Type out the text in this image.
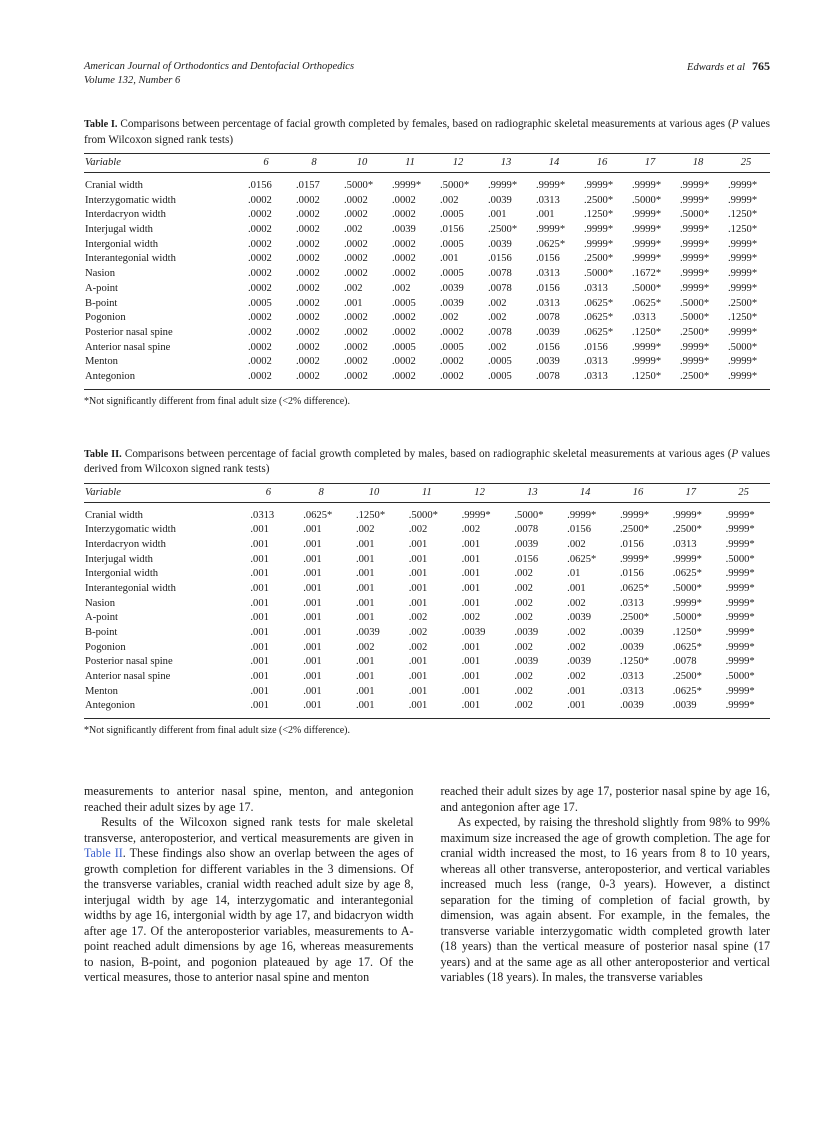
American Journal of Orthodontics and Dentofacial Orthopedics
Volume 132, Number 6
Edwards et al 765
Table I. Comparisons between percentage of facial growth completed by females, based on radiographic skeletal measurements at various ages (P values from Wilcoxon signed rank tests)
Variable	6	8	10	11	12	13	14	16	17	18	25
Cranial width	.0156	.0157	.5000*	.9999*	.5000*	.9999*	.9999*	.9999*	.9999*	.9999*	.9999*
Interzygomatic width	.0002	.0002	.0002	.0002	.002	.0039	.0313	.2500*	.5000*	.9999*	.9999*
Interdacryon width	.0002	.0002	.0002	.0002	.0005	.001	.001	.1250*	.9999*	.5000*	.1250*
Interjugal width	.0002	.0002	.002	.0039	.0156	.2500*	.9999*	.9999*	.9999*	.9999*	.1250*
Intergonial width	.0002	.0002	.0002	.0002	.0005	.0039	.0625*	.9999*	.9999*	.9999*	.9999*
Interantegonial width	.0002	.0002	.0002	.0002	.001	.0156	.0156	.2500*	.9999*	.9999*	.9999*
Nasion	.0002	.0002	.0002	.0002	.0005	.0078	.0313	.5000*	.1672*	.9999*	.9999*
A-point	.0002	.0002	.002	.002	.0039	.0078	.0156	.0313	.5000*	.9999*	.9999*
B-point	.0005	.0002	.001	.0005	.0039	.002	.0313	.0625*	.0625*	.5000*	.2500*
Pogonion	.0002	.0002	.0002	.0002	.002	.002	.0078	.0625*	.0313	.5000*	.1250*
Posterior nasal spine	.0002	.0002	.0002	.0002	.0002	.0078	.0039	.0625*	.1250*	.2500*	.9999*
Anterior nasal spine	.0002	.0002	.0002	.0005	.0005	.002	.0156	.0156	.9999*	.9999*	.5000*
Menton	.0002	.0002	.0002	.0002	.0002	.0005	.0039	.0313	.9999*	.9999*	.9999*
Antegonion	.0002	.0002	.0002	.0002	.0002	.0005	.0078	.0313	.1250*	.2500*	.9999*
*Not significantly different from final adult size (<2% difference).
Table II. Comparisons between percentage of facial growth completed by males, based on radiographic skeletal measurements at various ages (P values derived from Wilcoxon signed rank tests)
Variable	6	8	10	11	12	13	14	16	17	25
Cranial width	.0313	.0625*	.1250*	.5000*	.9999*	.5000*	.9999*	.9999*	.9999*	.9999*
Interzygomatic width	.001	.001	.002	.002	.002	.0078	.0156	.2500*	.2500*	.9999*
Interdacryon width	.001	.001	.001	.001	.001	.0039	.002	.0156	.0313	.9999*
Interjugal width	.001	.001	.001	.001	.001	.0156	.0625*	.9999*	.9999*	.5000*
Intergonial width	.001	.001	.001	.001	.001	.002	.01	.0156	.0625*	.9999*
Interantegonial width	.001	.001	.001	.001	.001	.002	.001	.0625*	.5000*	.9999*
Nasion	.001	.001	.001	.001	.001	.002	.002	.0313	.9999*	.9999*
A-point	.001	.001	.001	.002	.002	.002	.0039	.2500*	.5000*	.9999*
B-point	.001	.001	.0039	.002	.0039	.0039	.002	.0039	.1250*	.9999*
Pogonion	.001	.001	.002	.002	.001	.002	.002	.0039	.0625*	.9999*
Posterior nasal spine	.001	.001	.001	.001	.001	.0039	.0039	.1250*	.0078	.9999*
Anterior nasal spine	.001	.001	.001	.001	.001	.002	.002	.0313	.2500*	.5000*
Menton	.001	.001	.001	.001	.001	.002	.001	.0313	.0625*	.9999*
Antegonion	.001	.001	.001	.001	.001	.002	.001	.0039	.0039	.9999*
*Not significantly different from final adult size (<2% difference).

measurements to anterior nasal spine, menton, and antegonion reached their adult sizes by age 17.

Results of the Wilcoxon signed rank tests for male skeletal transverse, anteroposterior, and vertical measurements are given in Table II. These findings also show an overlap between the ages of growth completion for different variables in the 3 dimensions. Of the transverse variables, cranial width reached adult size by age 8, interjugal width by age 14, interzygomatic and interantegonial widths by age 16, intergonial width by age 17, and bidacryon width after age 17. Of the anteroposterior variables, measurements to A-point reached adult dimensions by age 16, whereas measurements to nasion, B-point, and pogonion plateaued by age 17. Of the vertical measures, those to anterior nasal spine and menton

reached their adult sizes by age 17, posterior nasal spine by age 16, and antegonion after age 17.

As expected, by raising the threshold slightly from 98% to 99% maximum size increased the age of growth completion. The age for cranial width increased the most, to 16 years from 8 to 10 years, whereas all other transverse, anteroposterior, and vertical variables increased much less (range, 0-3 years). However, a distinct separation for the timing of completion of facial growth, by dimension, was again absent. For example, in the females, the transverse variable interzygomatic width completed growth later (18 years) than the vertical measure of posterior nasal spine (17 years) and at the same age as all other anteroposterior and vertical variables (18 years). In males, the transverse variables
